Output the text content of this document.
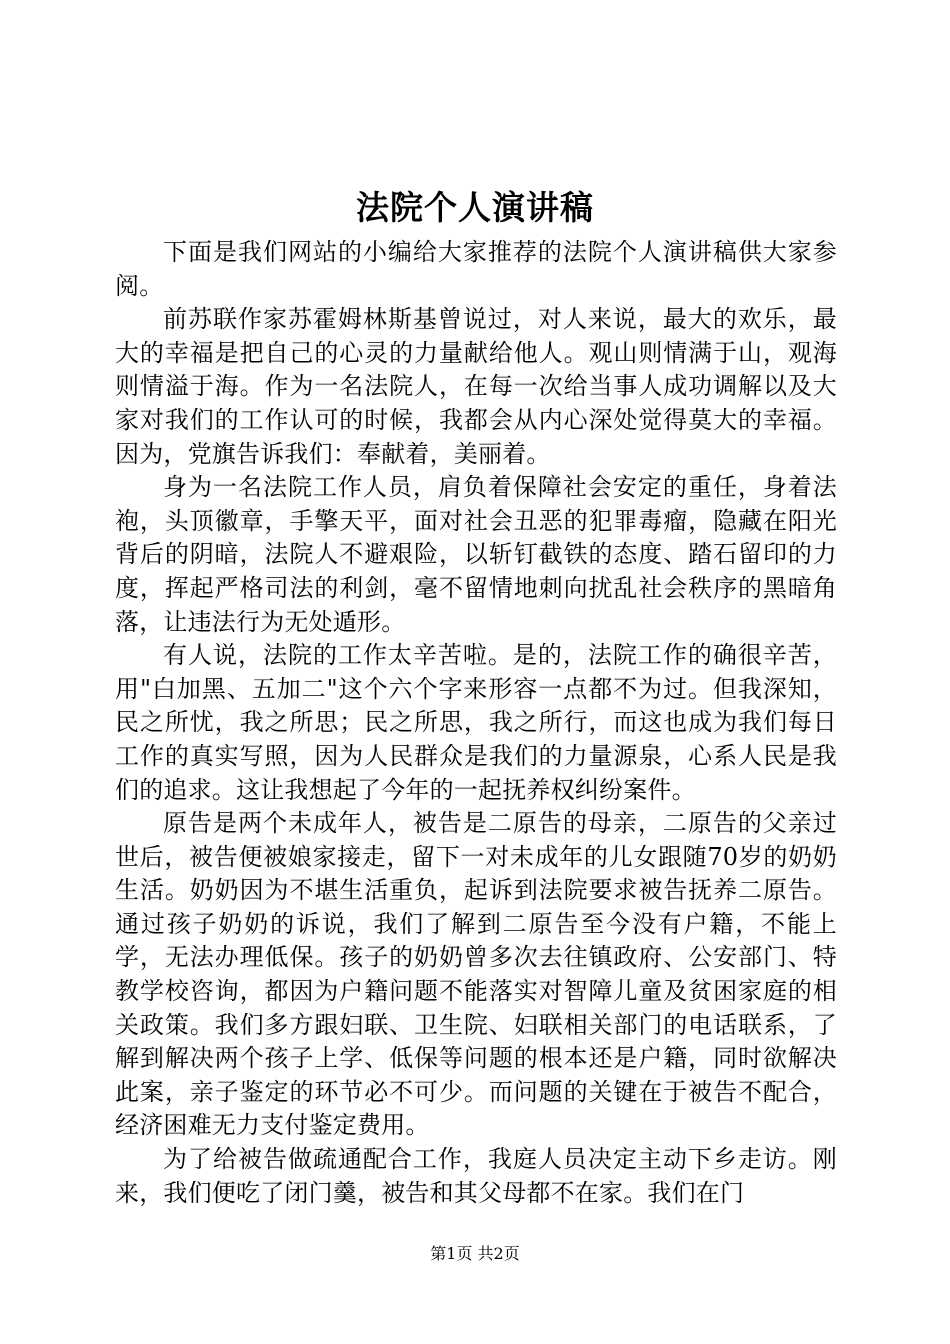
法院个人演讲稿

下面是我们网站的小编给大家推荐的法院个人演讲稿供大家参阅。

前苏联作家苏霍姆林斯基曾说过，对人来说，最大的欢乐，最大的幸福是把自己的心灵的力量献给他人。观山则情满于山，观海则情溢于海。作为一名法院人，在每一次给当事人成功调解以及大家对我们的工作认可的时候，我都会从内心深处觉得莫大的幸福。因为，党旗告诉我们：奉献着，美丽着。

身为一名法院工作人员，肩负着保障社会安定的重任，身着法袍，头顶徽章，手擎天平，面对社会丑恶的犯罪毒瘤，隐藏在阳光背后的阴暗，法院人不避艰险，以斩钉截铁的态度、踏石留印的力度，挥起严格司法的利剑，毫不留情地刺向扰乱社会秩序的黑暗角落，让违法行为无处遁形。

有人说，法院的工作太辛苦啦。是的，法院工作的确很辛苦，用"白加黑、五加二"这个六个字来形容一点都不为过。但我深知，民之所忧，我之所思；民之所思，我之所行，而这也成为我们每日工作的真实写照，因为人民群众是我们的力量源泉，心系人民是我们的追求。这让我想起了今年的一起抚养权纠纷案件。

原告是两个未成年人，被告是二原告的母亲，二原告的父亲过世后，被告便被娘家接走，留下一对未成年的儿女跟随70岁的奶奶生活。奶奶因为不堪生活重负，起诉到法院要求被告抚养二原告。通过孩子奶奶的诉说，我们了解到二原告至今没有户籍，不能上学，无法办理低保。孩子的奶奶曾多次去往镇政府、公安部门、特教学校咨询，都因为户籍问题不能落实对智障儿童及贫困家庭的相关政策。我们多方跟妇联、卫生院、妇联相关部门的电话联系，了解到解决两个孩子上学、低保等问题的根本还是户籍，同时欲解决此案，亲子鉴定的环节必不可少。而问题的关键在于被告不配合，经济困难无力支付鉴定费用。

为了给被告做疏通配合工作，我庭人员决定主动下乡走访。刚来，我们便吃了闭门羹，被告和其父母都不在家。我们在门

第1页 共2页
